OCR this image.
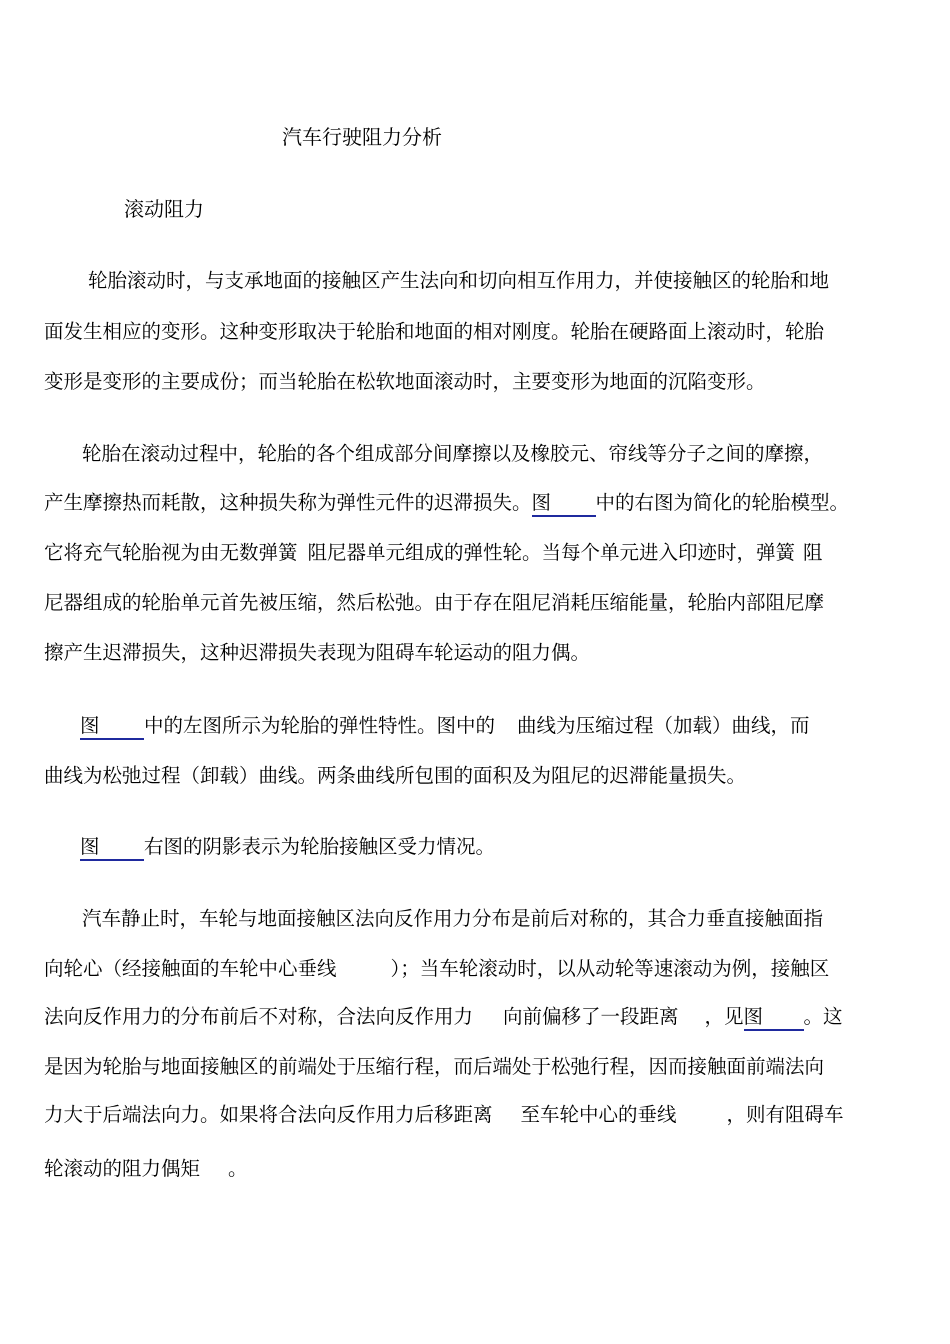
汽车行驶阻力分析
滚动阻力
轮胎滚动时，与支承地面的接触区产生法向和切向相互作用力，并使接触区的轮胎和地
面发生相应的变形。这种变形取决于轮胎和地面的相对刚度。轮胎在硬路面上滚动时，轮胎
变形是变形的主要成份；而当轮胎在松软地面滚动时，主要变形为地面的沉陷变形。
轮胎在滚动过程中，轮胎的各个组成部分间摩擦以及橡胶元、帘线等分子之间的摩擦，
产生摩擦热而耗散，这种损失称为弹性元件的迟滞损失。图 中的右图为简化的轮胎模型。
它将充气轮胎视为由无数弹簧 阻尼器单元组成的弹性轮。当每个单元进入印迹时，弹簧 阻
尼器组成的轮胎单元首先被压缩，然后松弛。由于存在阻尼消耗压缩能量，轮胎内部阻尼摩
擦产生迟滞损失，这种迟滞损失表现为阻碍车轮运动的阻力偶。
图 中的左图所示为轮胎的弹性特性。图中的 曲线为压缩过程（加载）曲线，而
曲线为松弛过程（卸载）曲线。两条曲线所包围的面积及为阻尼的迟滞能量损失。
图 右图的阴影表示为轮胎接触区受力情况。
汽车静止时，车轮与地面接触区法向反作用力分布是前后对称的，其合力垂直接触面指
向轮心（经接触面的车轮中心垂线	）；当车轮滚动时，以从动轮等速滚动为例，接触区
法向反作用力的分布前后不对称，合法向反作用力 向前偏移了一段距离 ，见图 。这
是因为轮胎与地面接触区的前端处于压缩行程，而后端处于松弛行程，因而接触面前端法向
力大于后端法向力。如果将合法向反作用力后移距离 至车轮中心的垂线	，则有阻碍车
轮滚动的阻力偶矩 。
